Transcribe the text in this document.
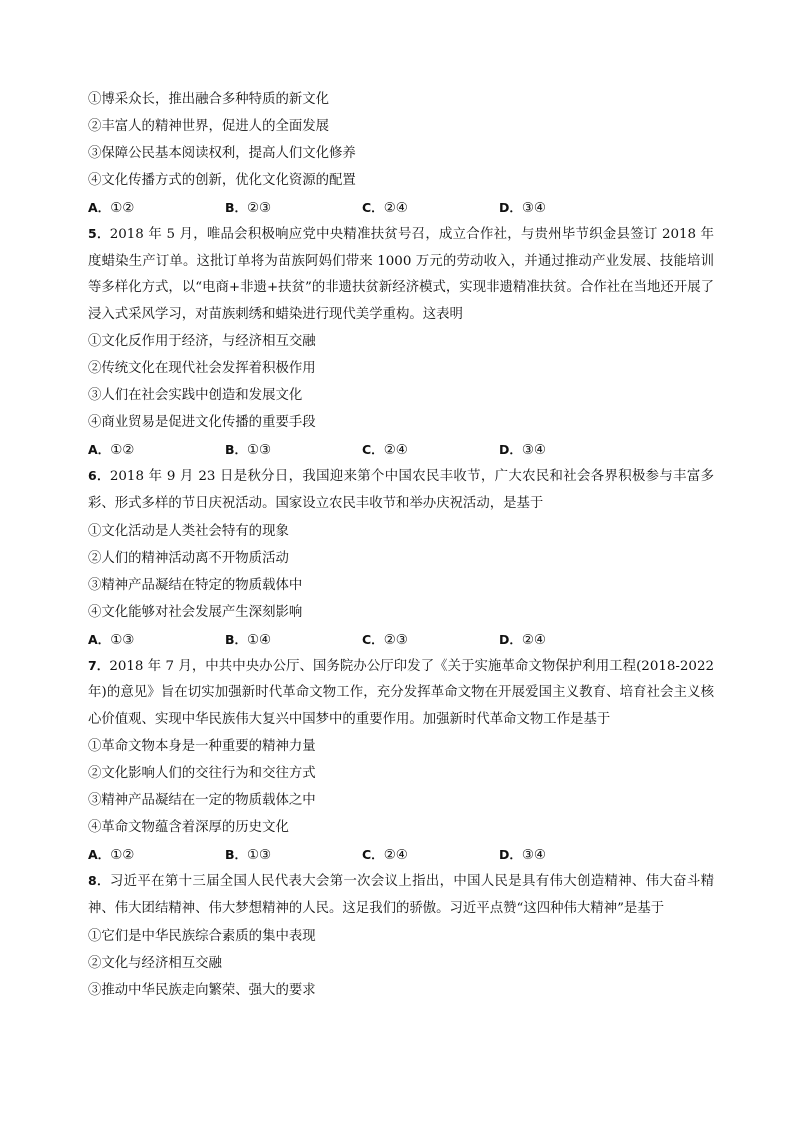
①博采众长，推出融合多种特质的新文化
②丰富人的精神世界，促进人的全面发展
③保障公民基本阅读权利，提高人们文化修养
④文化传播方式的创新，优化文化资源的配置
A．①②	B．②③	C．②④	D．③④
5．2018 年 5 月，唯品会积极响应党中央精准扶贫号召，成立合作社，与贵州毕节织金县签订 2018 年度蜡染生产订单。这批订单将为苗族阿妈们带来 1000 万元的劳动收入，并通过推动产业发展、技能培训等多样化方式，以“电商+非遗+扶贫”的非遗扶贫新经济模式，实现非遗精准扶贫。合作社在当地还开展了浸入式采风学习，对苗族刺绣和蜡染进行现代美学重构。这表明
①文化反作用于经济，与经济相互交融
②传统文化在现代社会发挥着积极作用
③人们在社会实践中创造和发展文化
④商业贸易是促进文化传播的重要手段
A．①②	B．①③	C．②④	D．③④
6．2018 年 9 月 23 日是秋分日，我国迎来第个中国农民丰收节，广大农民和社会各界积极参与丰富多彩、形式多样的节日庆祝活动。国家设立农民丰收节和举办庆祝活动，是基于
①文化活动是人类社会特有的现象
②人们的精神活动离不开物质活动
③精神产品凝结在特定的物质载体中
④文化能够对社会发展产生深刻影响
A．①③	B．①④	C．②③	D．②④
7．2018 年 7 月，中共中央办公厅、国务院办公厅印发了《关于实施革命文物保护利用工程(2018-2022 年)的意见》旨在切实加强新时代革命文物工作，充分发挥革命文物在开展爱国主义教育、培育社会主义核心价值观、实现中华民族伟大复兴中国梦中的重要作用。加强新时代革命文物工作是基于
①革命文物本身是一种重要的精神力量
②文化影响人们的交往行为和交往方式
③精神产品凝结在一定的物质载体之中
④革命文物蕴含着深厚的历史文化
A．①②	B．①③	C．②④	D．③④
8．习近平在第十三届全国人民代表大会第一次会议上指出，中国人民是具有伟大创造精神、伟大奋斗精神、伟大团结精神、伟大梦想精神的人民。这足我们的骄傲。习近平点赞“这四种伟大精神”是基于
①它们是中华民族综合素质的集中表现
②文化与经济相互交融
③推动中华民族走向繁荣、强大的要求
